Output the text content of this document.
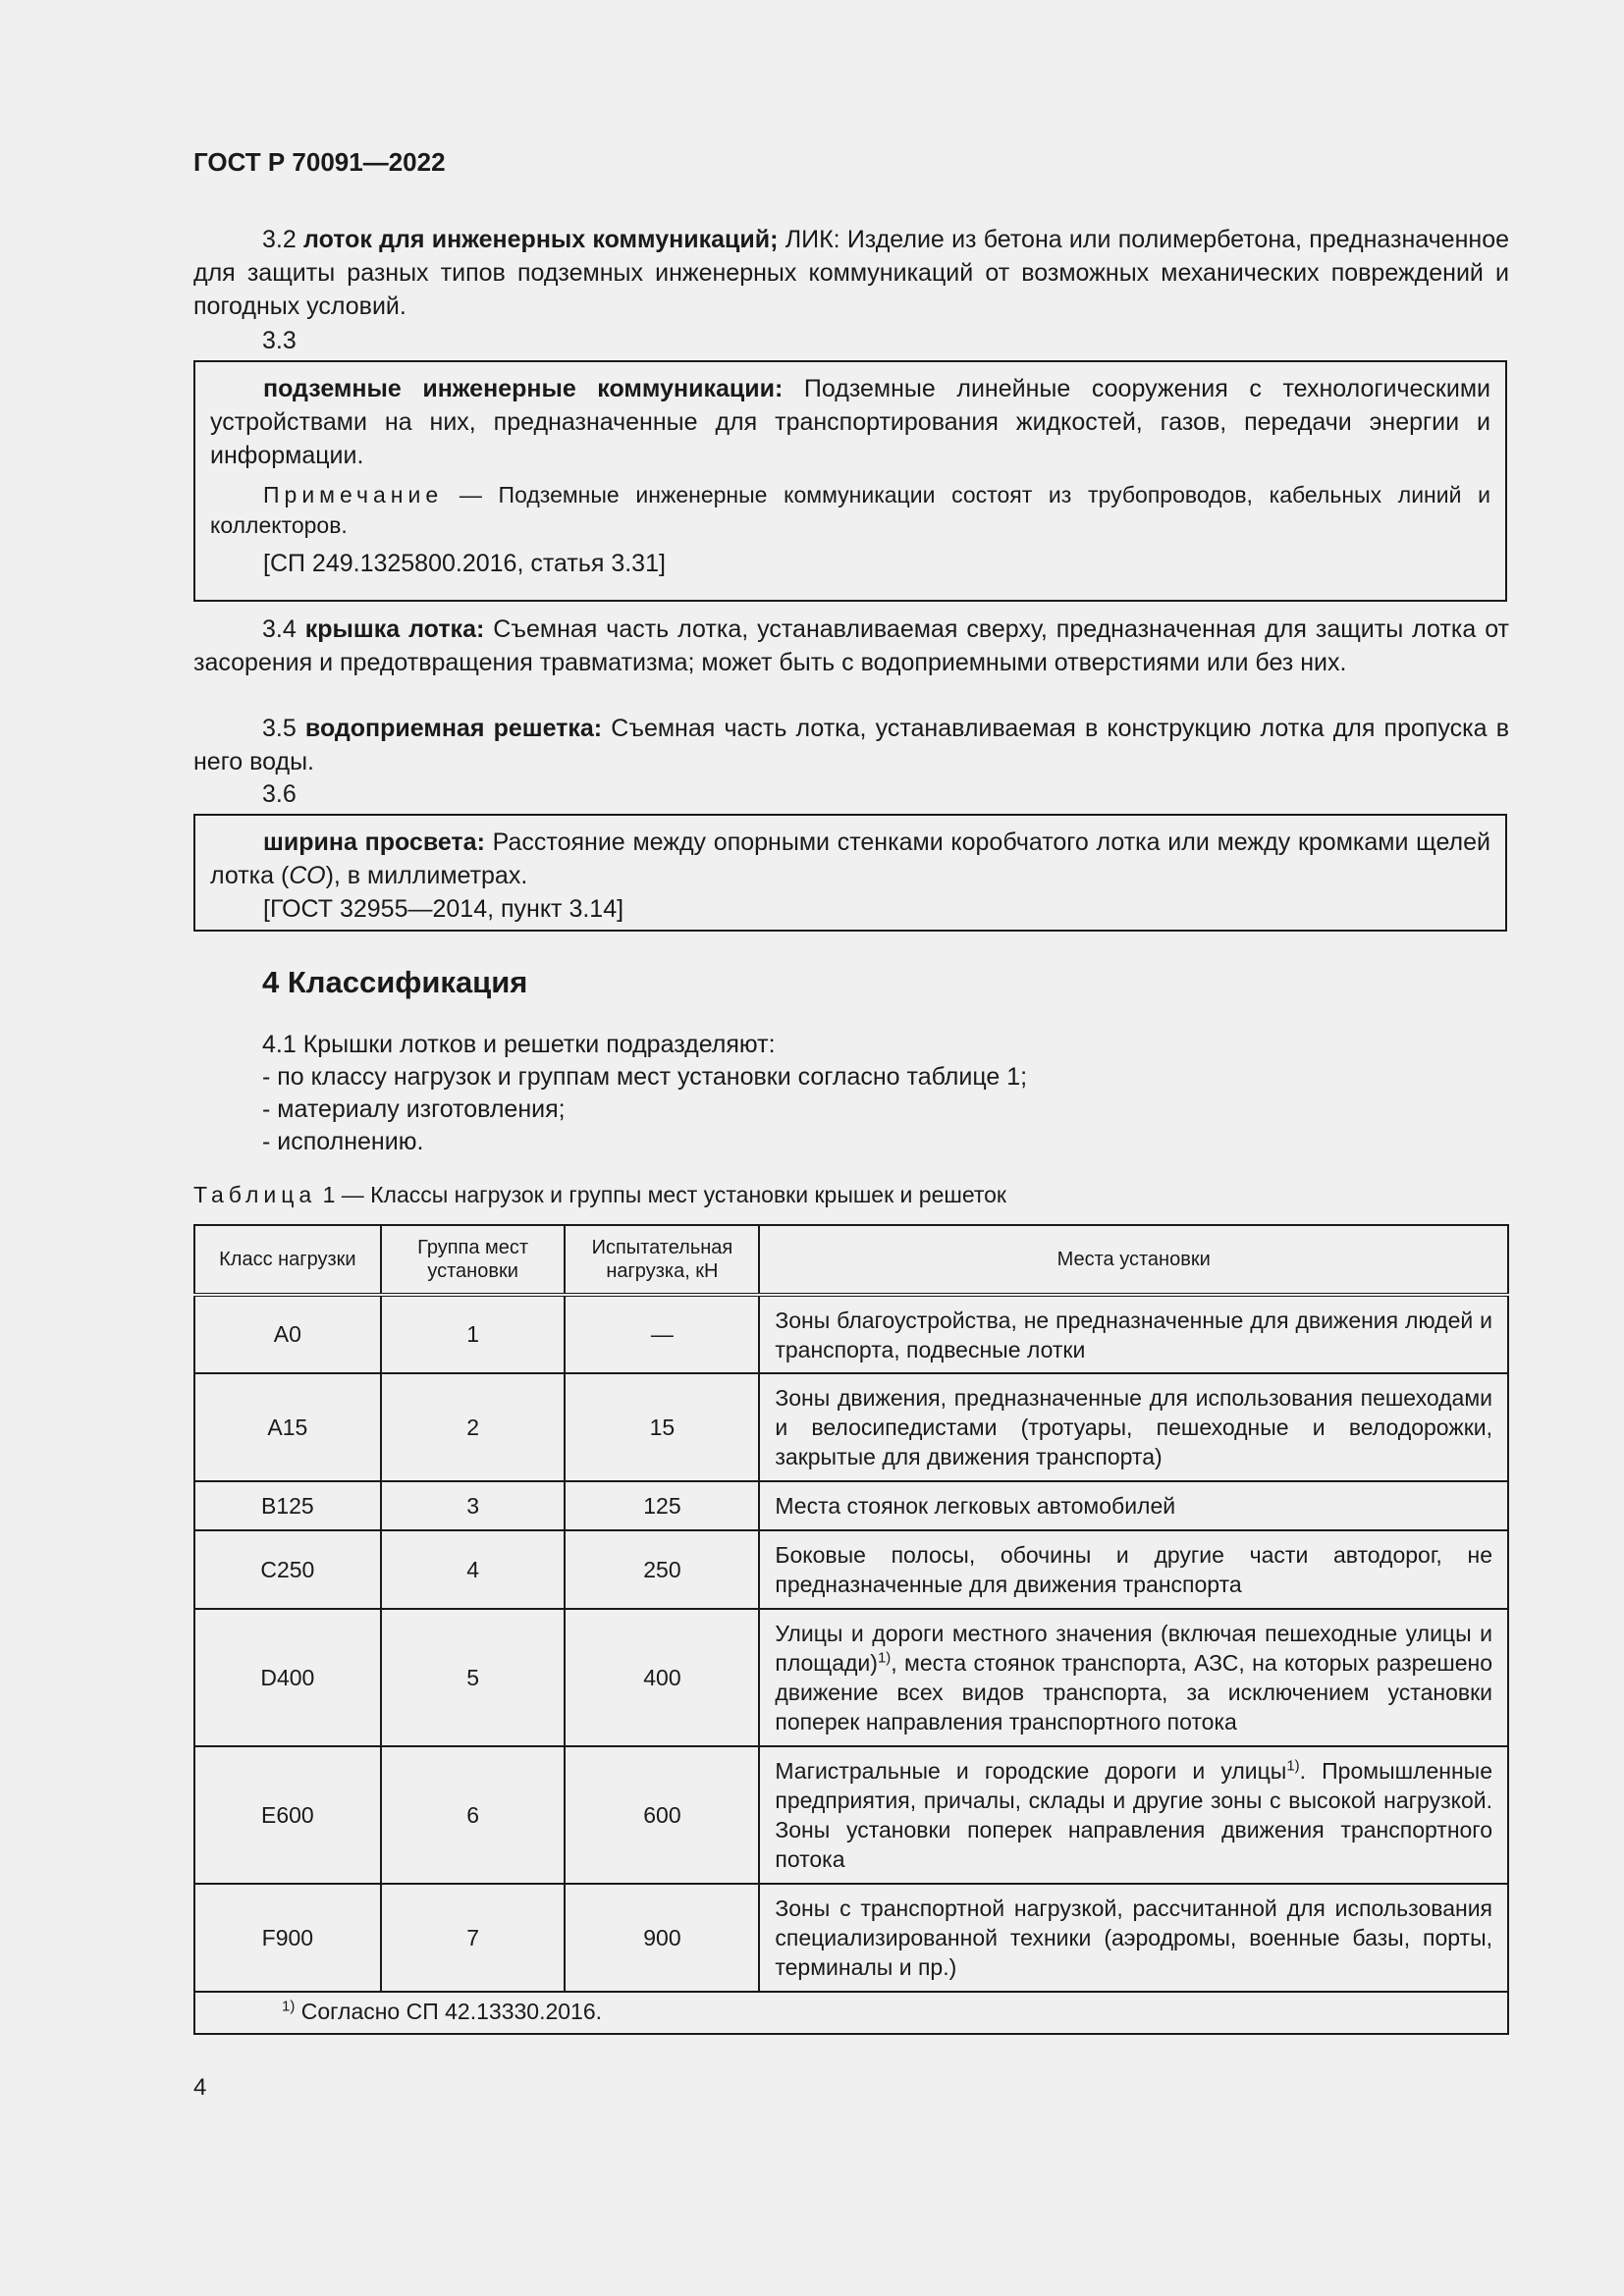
ГОСТ Р 70091—2022
3.2 лоток для инженерных коммуникаций; ЛИК: Изделие из бетона или полимербетона, предназначенное для защиты разных типов подземных инженерных коммуникаций от возможных механических повреждений и погодных условий.
3.3

подземные инженерные коммуникации: Подземные линейные сооружения с технологическими устройствами на них, предназначенные для транспортирования жидкостей, газов, передачи энергии и информации.

Примечание — Подземные инженерные коммуникации состоят из трубопроводов, кабельных линий и коллекторов.

[СП 249.1325800.2016, статья 3.31]

3.4 крышка лотка: Съемная часть лотка, устанавливаемая сверху, предназначенная для защиты лотка от засорения и предотвращения травматизма; может быть с водоприемными отверстиями или без них.
3.5 водоприемная решетка: Съемная часть лотка, устанавливаемая в конструкцию лотка для пропуска в него воды.
3.6

ширина просвета: Расстояние между опорными стенками коробчатого лотка или между кромками щелей лотка (СО), в миллиметрах.

[ГОСТ 32955—2014, пункт 3.14]

4 Классификация
4.1 Крышки лотков и решетки подразделяют:
- по классу нагрузок и группам мест установки согласно таблице 1;
- материалу изготовления;
- исполнению.
Таблица 1 — Классы нагрузок и группы мест установки крышек и решеток
Класс нагрузки	Группа мест установки	Испытательная нагрузка, кН	Места установки
A0	1	—	Зоны благоустройства, не предназначенные для движения людей и транспорта, подвесные лотки
A15	2	15	Зоны движения, предназначенные для использования пешеходами и велосипедистами (тротуары, пешеходные и велодорожки, закрытые для движения транспорта)
B125	3	125	Места стоянок легковых автомобилей
C250	4	250	Боковые полосы, обочины и другие части автодорог, не предназначенные для движения транспорта
D400	5	400	Улицы и дороги местного значения (включая пешеходные улицы и площади)$^{1)}$, места стоянок транспорта, АЗС, на которых разрешено движение всех видов транспорта, за исключением установки поперек направления транспортного потока
E600	6	600	Магистральные и городские дороги и улицы$^{1)}$. Промышленные предприятия, причалы, склады и другие зоны с высокой нагрузкой. Зоны установки поперек направления движения транспортного потока
F900	7	900	Зоны с транспортной нагрузкой, рассчитанной для использования специализированной техники (аэродромы, военные базы, порты, терминалы и пр.)
$^{1)}$ Согласно СП 42.13330.2016.			
4
